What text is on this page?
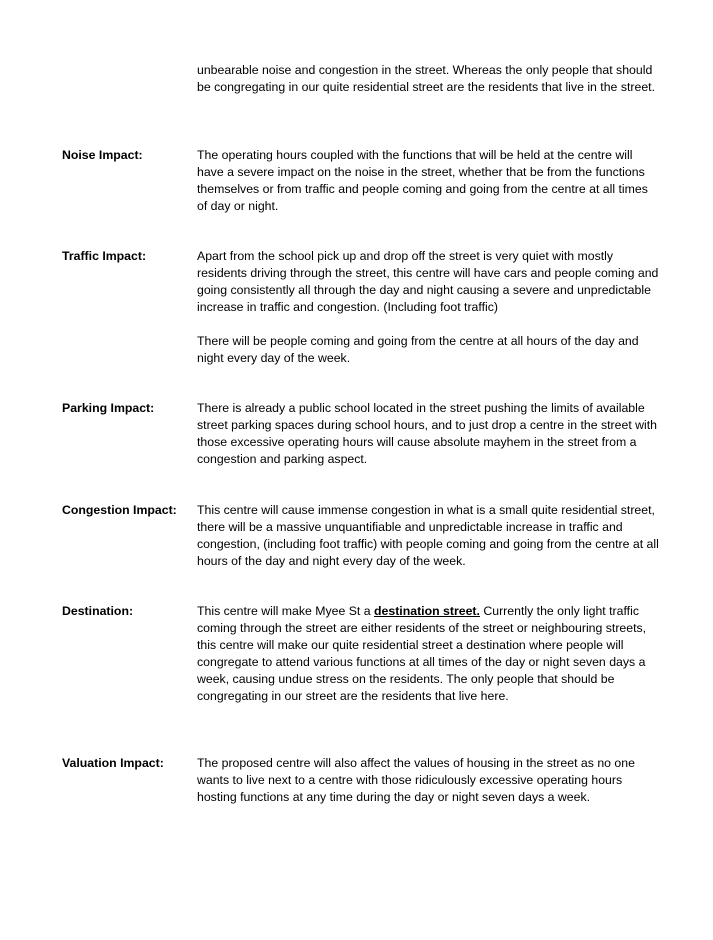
unbearable noise and congestion in the street. Whereas the only people that should be congregating in our quite residential street are the residents that live in the street.

Noise Impact:	The operating hours coupled with the functions that will be held at the centre will have a severe impact on the noise in the street, whether that be from the functions themselves or from traffic and people coming and going from the centre at all times of day or night.

Traffic Impact:	Apart from the school pick up and drop off the street is very quiet with mostly residents driving through the street, this centre will have cars and people coming and going consistently all through the day and night causing a severe and unpredictable increase in traffic and congestion. (Including foot traffic)

There will be people coming and going from the centre at all hours of the day and night every day of the week.

Parking Impact:	There is already a public school located in the street pushing the limits of available street parking spaces during school hours, and to just drop a centre in the street with those excessive operating hours will cause absolute mayhem in the street from a congestion and parking aspect.

Congestion Impact: This centre will cause immense congestion in what is a small quite residential street, there will be a massive unquantifiable and unpredictable increase in traffic and congestion, (including foot traffic) with people coming and going from the centre at all hours of the day and night every day of the week.

Destination:	This centre will make Myee St a destination street. Currently the only light traffic coming through the street are either residents of the street or neighbouring streets, this centre will make our quite residential street a destination where people will congregate to attend various functions at all times of the day or night seven days a week, causing undue stress on the residents. The only people that should be congregating in our street are the residents that live here.

Valuation Impact:	The proposed centre will also affect the values of housing in the street as no one wants to live next to a centre with those ridiculously excessive operating hours hosting functions at any time during the day or night seven days a week.
